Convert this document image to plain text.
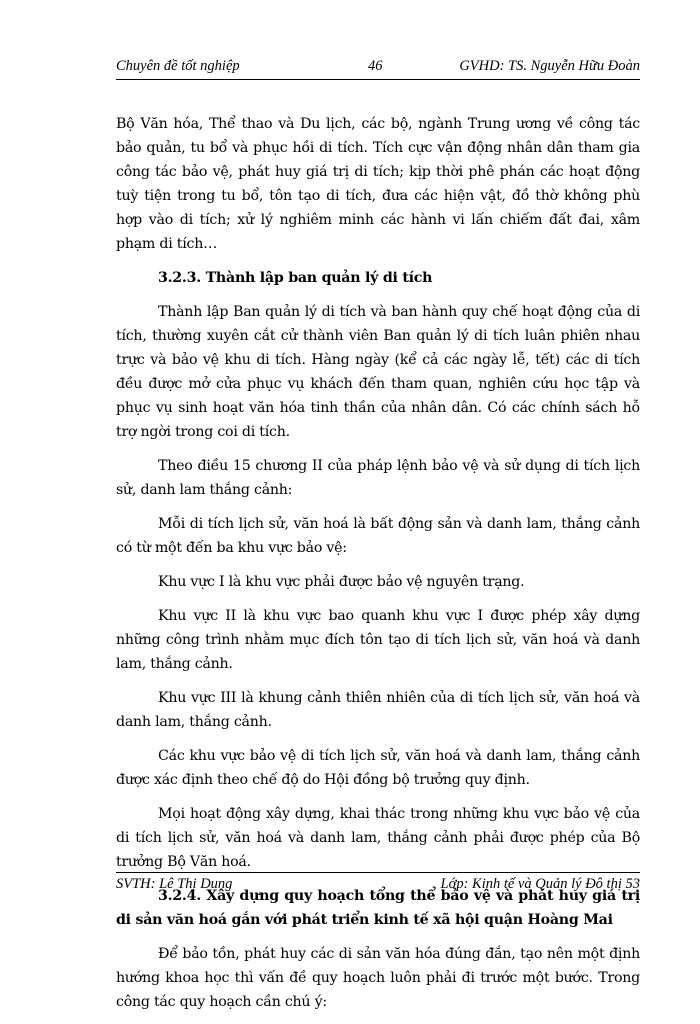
Chuyên đề tốt nghiệp	46	GVHD: TS. Nguyễn Hữu Đoàn

Bộ Văn hóa, Thể thao và Du lịch, các bộ, ngành Trung ương về công tác bảo quản, tu bổ và phục hồi di tích. Tích cực vận động nhân dân tham gia công tác bảo vệ, phát huy giá trị di tích; kịp thời phê phán các hoạt động tuỳ tiện trong tu bổ, tôn tạo di tích, đưa các hiện vật, đồ thờ không phù hợp vào di tích; xử lý nghiêm minh các hành vi lấn chiếm đất đai, xâm phạm di tích…

3.2.3. Thành lập ban quản lý di tích

Thành lập Ban quản lý di tích và ban hành quy chế hoạt động của di tích, thường xuyên cắt cử thành viên Ban quản lý di tích luân phiên nhau trực và bảo vệ khu di tích. Hàng ngày (kể cả các ngày lễ, tết) các di tích đều được mở cửa phục vụ khách đến tham quan, nghiên cứu học tập và phục vụ sinh hoạt văn hóa tinh thần của nhân dân. Có các chính sách hỗ trợ ngời trong coi di tích.

Theo điều 15 chương II của pháp lệnh bảo vệ và sử dụng di tích lịch sử, danh lam thắng cảnh:

Mỗi di tích lịch sử, văn hoá là bất động sản và danh lam, thắng cảnh có từ một đến ba khu vực bảo vệ:

Khu vực I là khu vực phải được bảo vệ nguyên trạng.

Khu vực II là khu vực bao quanh khu vực I được phép xây dựng những công trình nhằm mục đích tôn tạo di tích lịch sử, văn hoá và danh lam, thắng cảnh.

Khu vực III là khung cảnh thiên nhiên của di tích lịch sử, văn hoá và danh lam, thắng cảnh.

Các khu vực bảo vệ di tích lịch sử, văn hoá và danh lam, thắng cảnh được xác định theo chế độ do Hội đồng bộ trưởng quy định.

Mọi hoạt động xây dựng, khai thác trong những khu vực bảo vệ của di tích lịch sử, văn hoá và danh lam, thắng cảnh phải được phép của Bộ trưởng Bộ Văn hoá.

3.2.4. Xây dựng quy hoạch tổng thể bảo vệ và phát huy giá trị di sản văn hoá gắn với phát triển kinh tế xã hội quận Hoàng Mai

Để bảo tồn, phát huy các di sản văn hóa đúng đắn, tạo nên một định hướng khoa học thì vấn đề quy hoạch luôn phải đi trước một bước. Trong công tác quy hoạch cần chú ý:

SVTH: Lê Thị Dung	Lớp: Kinh tế và Quản lý Đô thị 53
